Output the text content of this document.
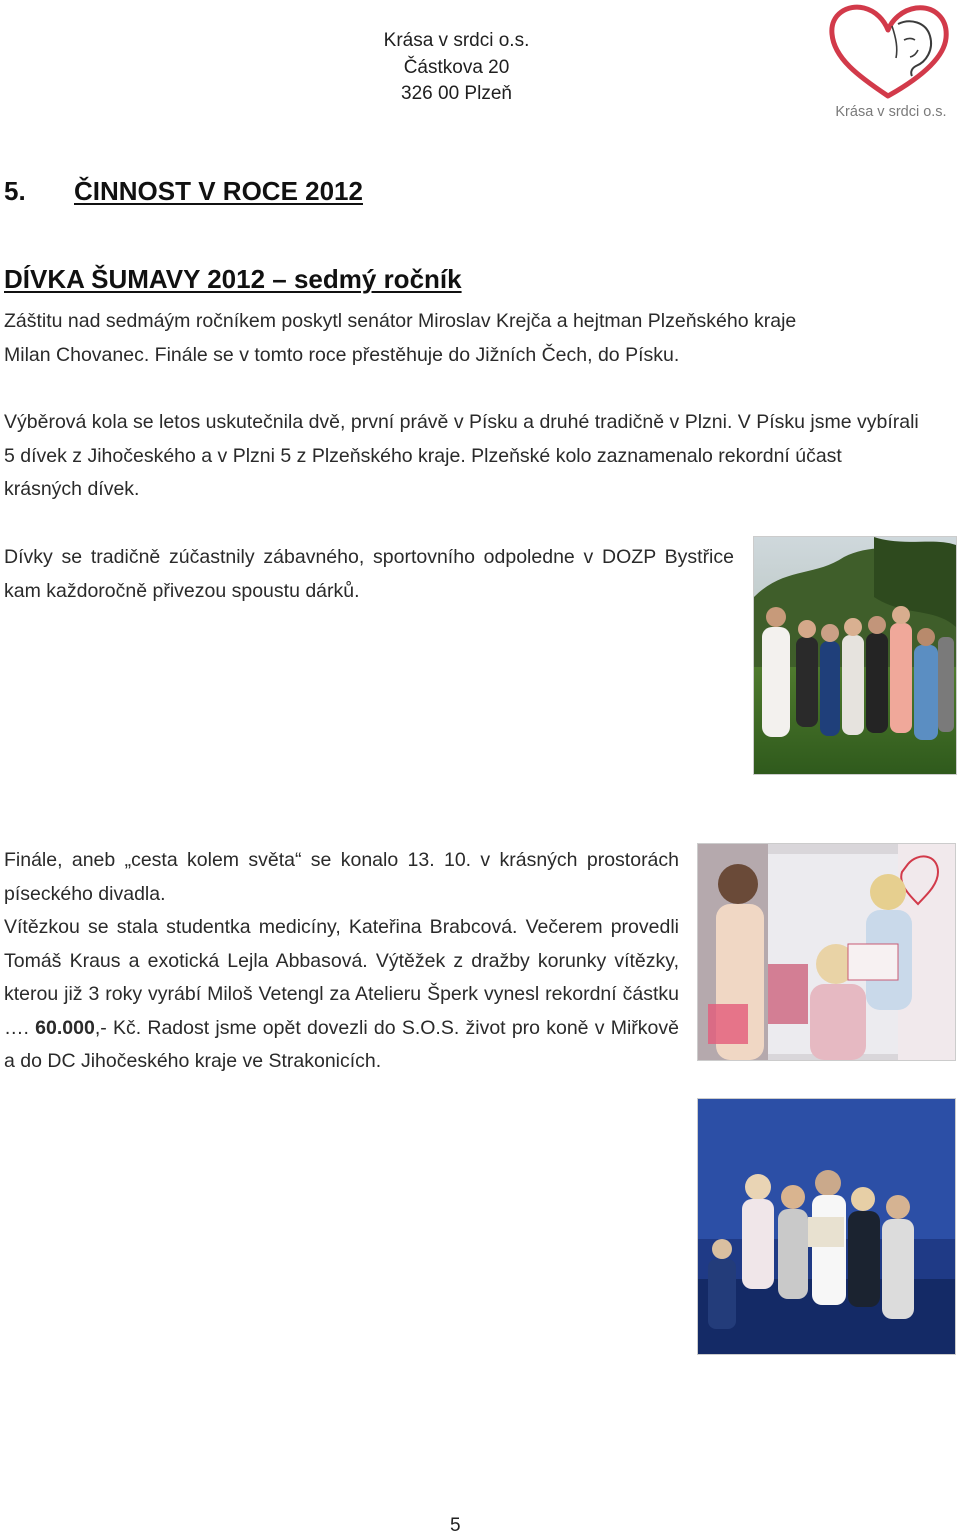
Krása v srdci o.s.
Částkova 20
326 00 Plzeň
Krása v srdci o.s.
5. ČINNOST V ROCE 2012
DÍVKA ŠUMAVY 2012 – sedmý ročník
Záštitu nad sedmáým ročníkem poskytl senátor Miroslav Krejča a hejtman Plzeňského kraje
Milan Chovanec. Finále se v tomto roce přestěhuje do Jižních Čech, do Písku.
Výběrová kola se letos uskutečnila dvě, první právě v Písku a druhé tradičně v Plzni. V Písku jsme vybírali 5 dívek z Jihočeského a v Plzni 5 z Plzeňského kraje. Plzeňské kolo zaznamenalo rekordní účast krásných dívek.
Dívky se tradičně zúčastnily zábavného, sportovního odpoledne v DOZP Bystřice kam každoročně přivezou spoustu dárků.
Finále, aneb „cesta kolem světa“ se konalo 13. 10. v krásných prostorách píseckého divadla.
Vítězkou se stala studentka medicíny, Kateřina Brabcová. Večerem provedli Tomáš Kraus a exotická Lejla Abbasová. Výtěžek z dražby korunky vítězky, kterou již 3 roky vyrábí Miloš Vetengl za Atelieru Šperk vynesl rekordní částku …. 60.000,- Kč. Radost jsme opět dovezli do S.O.S. život pro koně v Miřkově a do DC Jihočeského kraje ve Strakonicích.
5
